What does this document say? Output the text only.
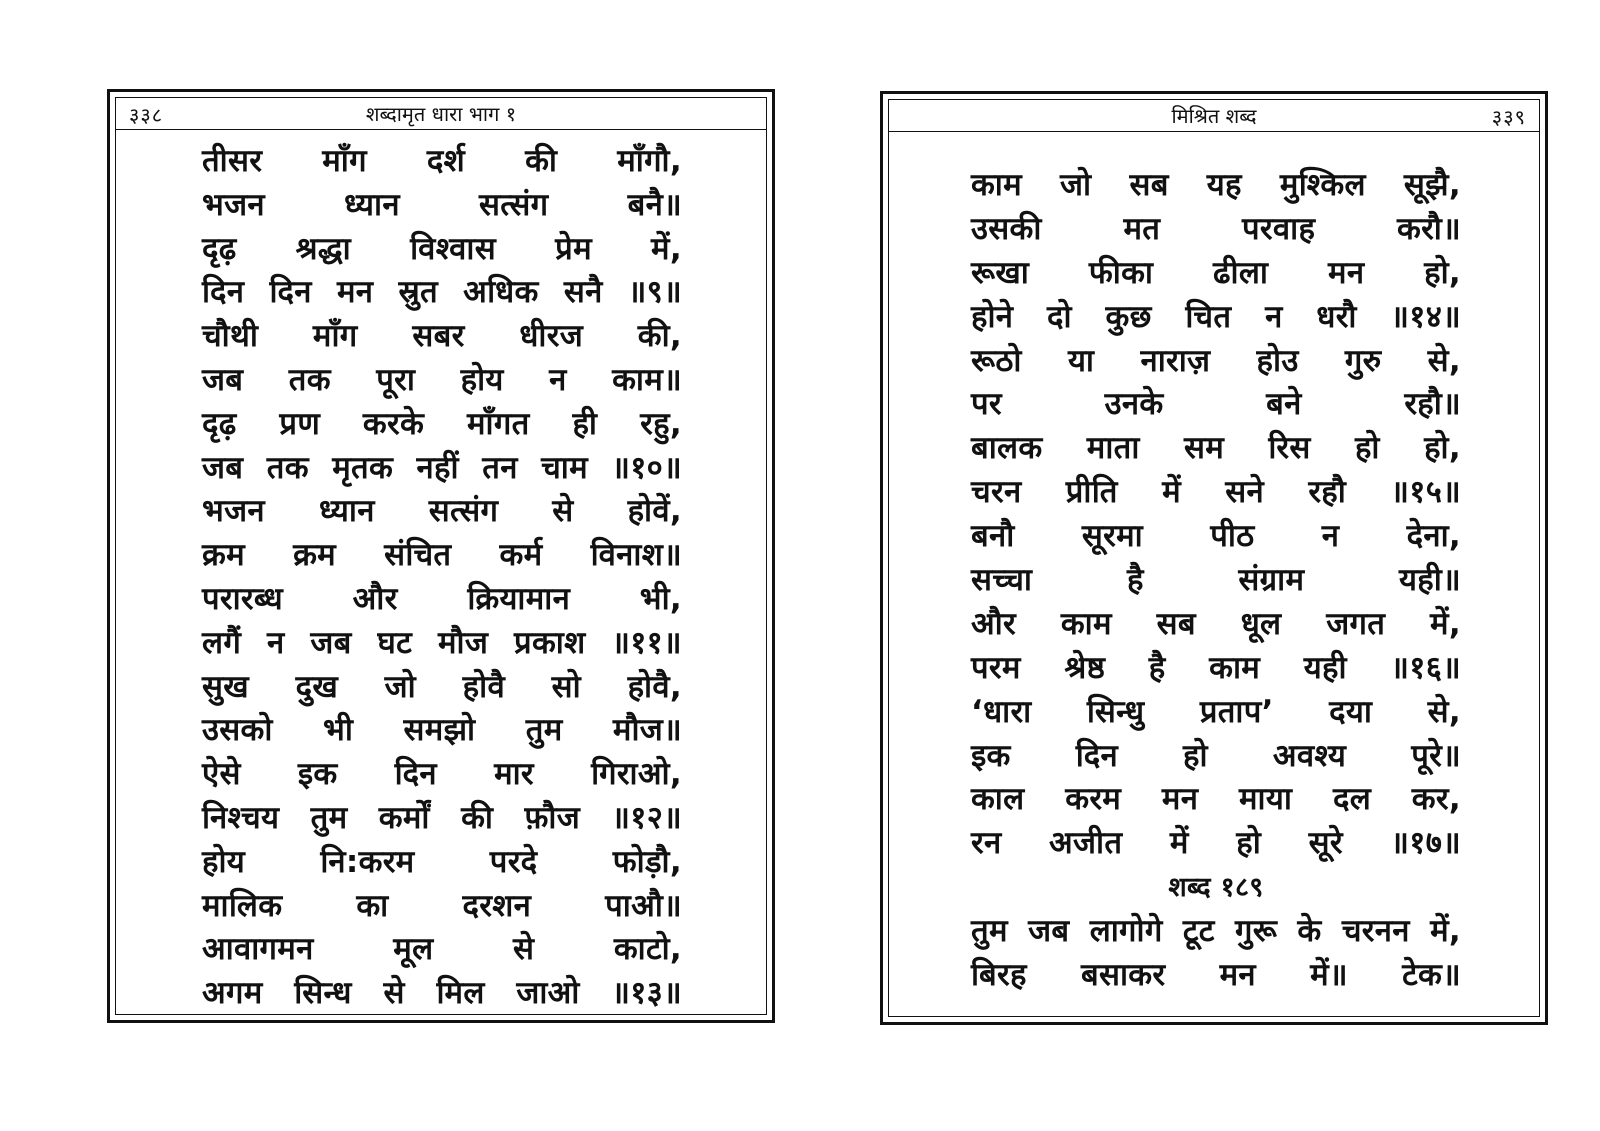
३३८	शब्दामृत धारा भाग १
तीसर माँग दर्श की माँगौ,
भजन	ध्यान	सत्संग	बनै॥
दृढ़ श्रद्धा विश्वास प्रेम में,
दिन दिन मन स्रुत अधिक सनै ॥९॥
चौथी माँग सबर धीरज की,
जब तक पूरा होय न काम॥
दृढ़ प्रण करके माँगत ही रहु,
जब तक मृतक नहीं तन चाम ॥१०॥
भजन ध्यान सत्संग से होवें,
क्रम क्रम संचित कर्म विनाश॥
परारब्ध और क्रियामान भी,
लगैं न जब घट मौज प्रकाश ॥११॥
सुख दुख जो होवै सो होवै,
उसको भी समझो तुम मौज॥
ऐसे इक दिन मार गिराओ,
निश्चय तुम कर्मों की फ़ौज ॥१२॥
होय नि:करम परदे फोड़ौ,
मालिक का दरशन पाऔ॥
आवागमन	मूल	से	काटो,
अगम सिन्ध से मिल जाओ ॥१३॥
मिश्रित शब्द	३३९
काम जो सब यह मुश्किल सूझै,
उसकी	मत	परवाह	करौ॥
रूखा फीका ढीला मन हो,
होने दो कुछ चित न धरौ ॥१४॥
रूठो या नाराज़ होउ गुरु से,
पर	उनके	बने	रहौ॥
बालक माता सम रिस हो हो,
चरन प्रीति में सने रहौ ॥१५॥
बनौ सूरमा पीठ न देना,
सच्चा	है	संग्राम	यही॥
और काम सब धूल जगत में,
परम श्रेष्ठ है काम यही ॥१६॥
‘धारा सिन्धु प्रताप’ दया से,
इक दिन हो अवश्य पूरे॥
काल करम मन माया दल कर,
रन अजीत में हो सूरे ॥१७॥
शब्द १८९
तुम जब लागोगे टूट गुरू के चरनन में,
बिरह बसाकर मन में॥ टेक॥
